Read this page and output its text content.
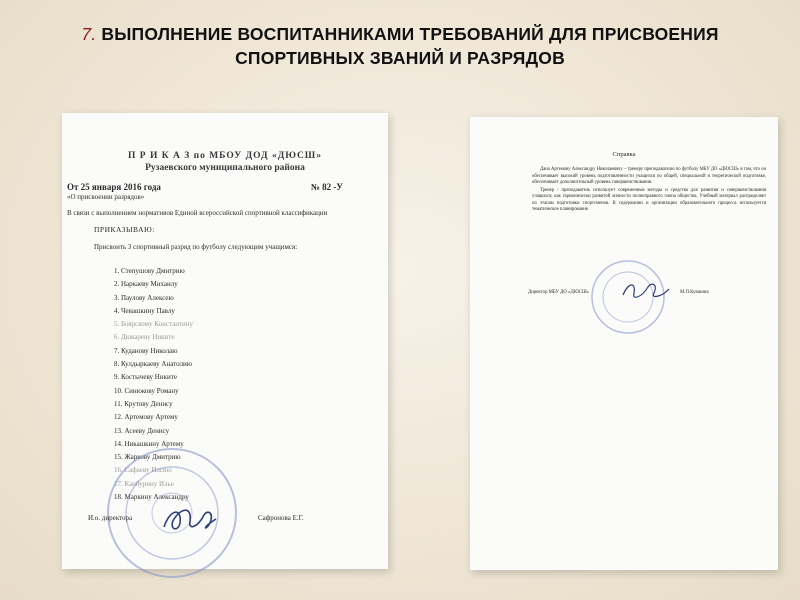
7. ВЫПОЛНЕНИЕ ВОСПИТАННИКАМИ ТРЕБОВАНИЙ ДЛЯ ПРИСВОЕНИЯ
СПОРТИВНЫХ ЗВАНИЙ И РАЗРЯДОВ
П Р И К А З по МБОУ ДОД «ДЮСШ»
Рузаевского муниципального района
От 25 января 2016 года	№ 82 -У
«О присвоении разрядов»
В связи с выполнением нормативов Единой всероссийской спортивной классификации
ПРИКАЗЫВАЮ:
Присвоить 3 спортивный разряд по футболу следующим учащимся:
1. Степушову Дмитрию
2. Наркаеву Михаилу
3. Паулову Алексею
4. Чевашкину Павлу
5. Боярскому Константину
6. Дюкареву Никите
7. Куданову Николаю
8. Кулдыркаеву Анатолию
9. Костычеву Никите
10. Синюкову Роману
11. Крутову Денису
12. Артемову Артему
13. Асееву Денису
14. Никашкину Артему
15. Жаркову Дмитрию
16. Сафаеву Илсюо
17. Канбурину Илье
18. Маркину Александру
И.о. директора	Сафронова Е.Г.
Справка

Дана Артемову Александру Николаевичу – тренеру преподавателю по футболу МБУ ДО «ДЮСШ» в том, что он обеспечивает высокий уровень подготовленности учащихся по общей, специальной и теоретической подготовке, обеспечивает дополнительный уровень совершенствования.

Тренер - преподаватель использует современные методы и средства для развития и совершенствования учащихся, как гармонически развитой личности полноправного члена общества. Учебный материал распределяет по этапам подготовки спортсменов. В содержании и организации образовательного процесса используется тематическое планирование.

Директор МБУ ДО «ДЮСШ»	М.П.Кувшина
